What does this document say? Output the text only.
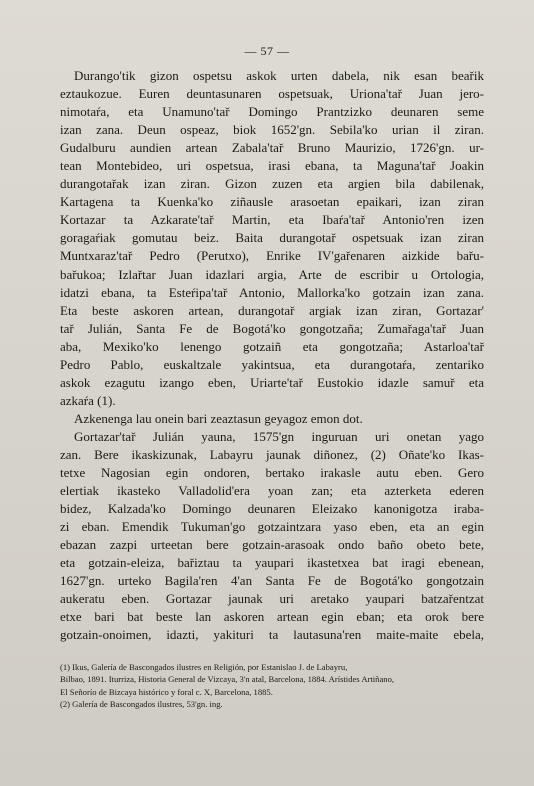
— 57 —
Durango'tik gizon ospetsu askok urten dabela, nik esan beařik
eztaukozue. Euren deuntasunaren ospetsuak, Uriona'tař Juan jero-
nimotaŕa, eta Unamuno'tař Domingo Prantzizko deunaren seme
izan zana. Deun ospeaz, biok 1652'gn. Sebila'ko urian il ziran.
Gudalburu aundien artean Zabala'tař Bruno Maurizio, 1726'gn. ur-
tean Montebideo, uri ospetsua, irasi ebana, ta Maguna'tař Joakin
durangotařak izan ziran. Gizon zuzen eta argien bila dabilenak,
Kartagena ta Kuenka'ko ziñausle arasoetan epaikari, izan ziran
Kortazar ta Azkarate'tař Martin, eta Ibaŕa'tař Antonio'ren izen
goragaŕiak gomutau beiz. Baita durangotař ospetsuak izan ziran
Muntxaraz'tař Pedro (Perutxo), Enrike IV'gařenaren aizkide bařu-
bařukoa; Izlařtar Juan idazlari argia, Arte de escribir u Ortologia,
idatzi ebana, ta Esteŕipa'tař Antonio, Mallorka'ko gotzain izan zana.
Eta beste askoren artean, durangotař argiak izan ziran, Gortazar'
tař Julián, Santa Fe de Bogotá'ko gongotzaña; Zumařaga'tař Juan
aba, Mexiko'ko lenengo gotzaiñ eta gongotzaña; Astarloa'tař
Pedro Pablo, euskaltzale yakintsua, eta durangotaŕa, zentariko
askok ezagutu izango eben, Uriarte'tař Eustokio idazle samuř eta
azkaŕa (1).
Azkenenga lau onein bari zeaztasun geyagoz emon dot.
Gortazar'tař Julián yauna, 1575'gn inguruan uri onetan yago
zan. Bere ikaskizunak, Labayru jaunak diñonez, (2) Oñate'ko Ikas-
tetxe Nagosian egin ondoren, bertako irakasle autu eben. Gero
elertiak ikasteko Valladolid'era yoan zan; eta azterketa ederen
bidez, Kalzada'ko Domingo deunaren Eleizako kanonigotza iraba-
zi eban. Emendik Tukuman'go gotzaintzara yaso eben, eta an egin
ebazan zazpi urteetan bere gotzain-arasoak ondo baño obeto bete,
eta gotzain-eleiza, bařiztau ta yaupari ikastetxea bat iragi ebenean,
1627'gn. urteko Bagila'ren 4'an Santa Fe de Bogotá'ko gongotzain
aukeratu eben. Gortazar jaunak uri aretako yaupari batzařentzat
etxe bari bat beste lan askoren artean egin eban; eta orok bere
gotzain-onoimen, idazti, yakituri ta lautasuna'ren maite-maite ebela,
(1) Ikus, Galería de Bascongados ilustres en Religión, por Estanislao J. de Labayru,
Bilbao, 1891. Iturriza, Historia General de Vizcaya, 3'n atal, Barcelona, 1884. Arístides Artiñano,
El Señorío de Bizcaya histórico y foral c. X, Barcelona, 1885.
(2) Galería de Bascongados ilustres, 53'gn. ing.
